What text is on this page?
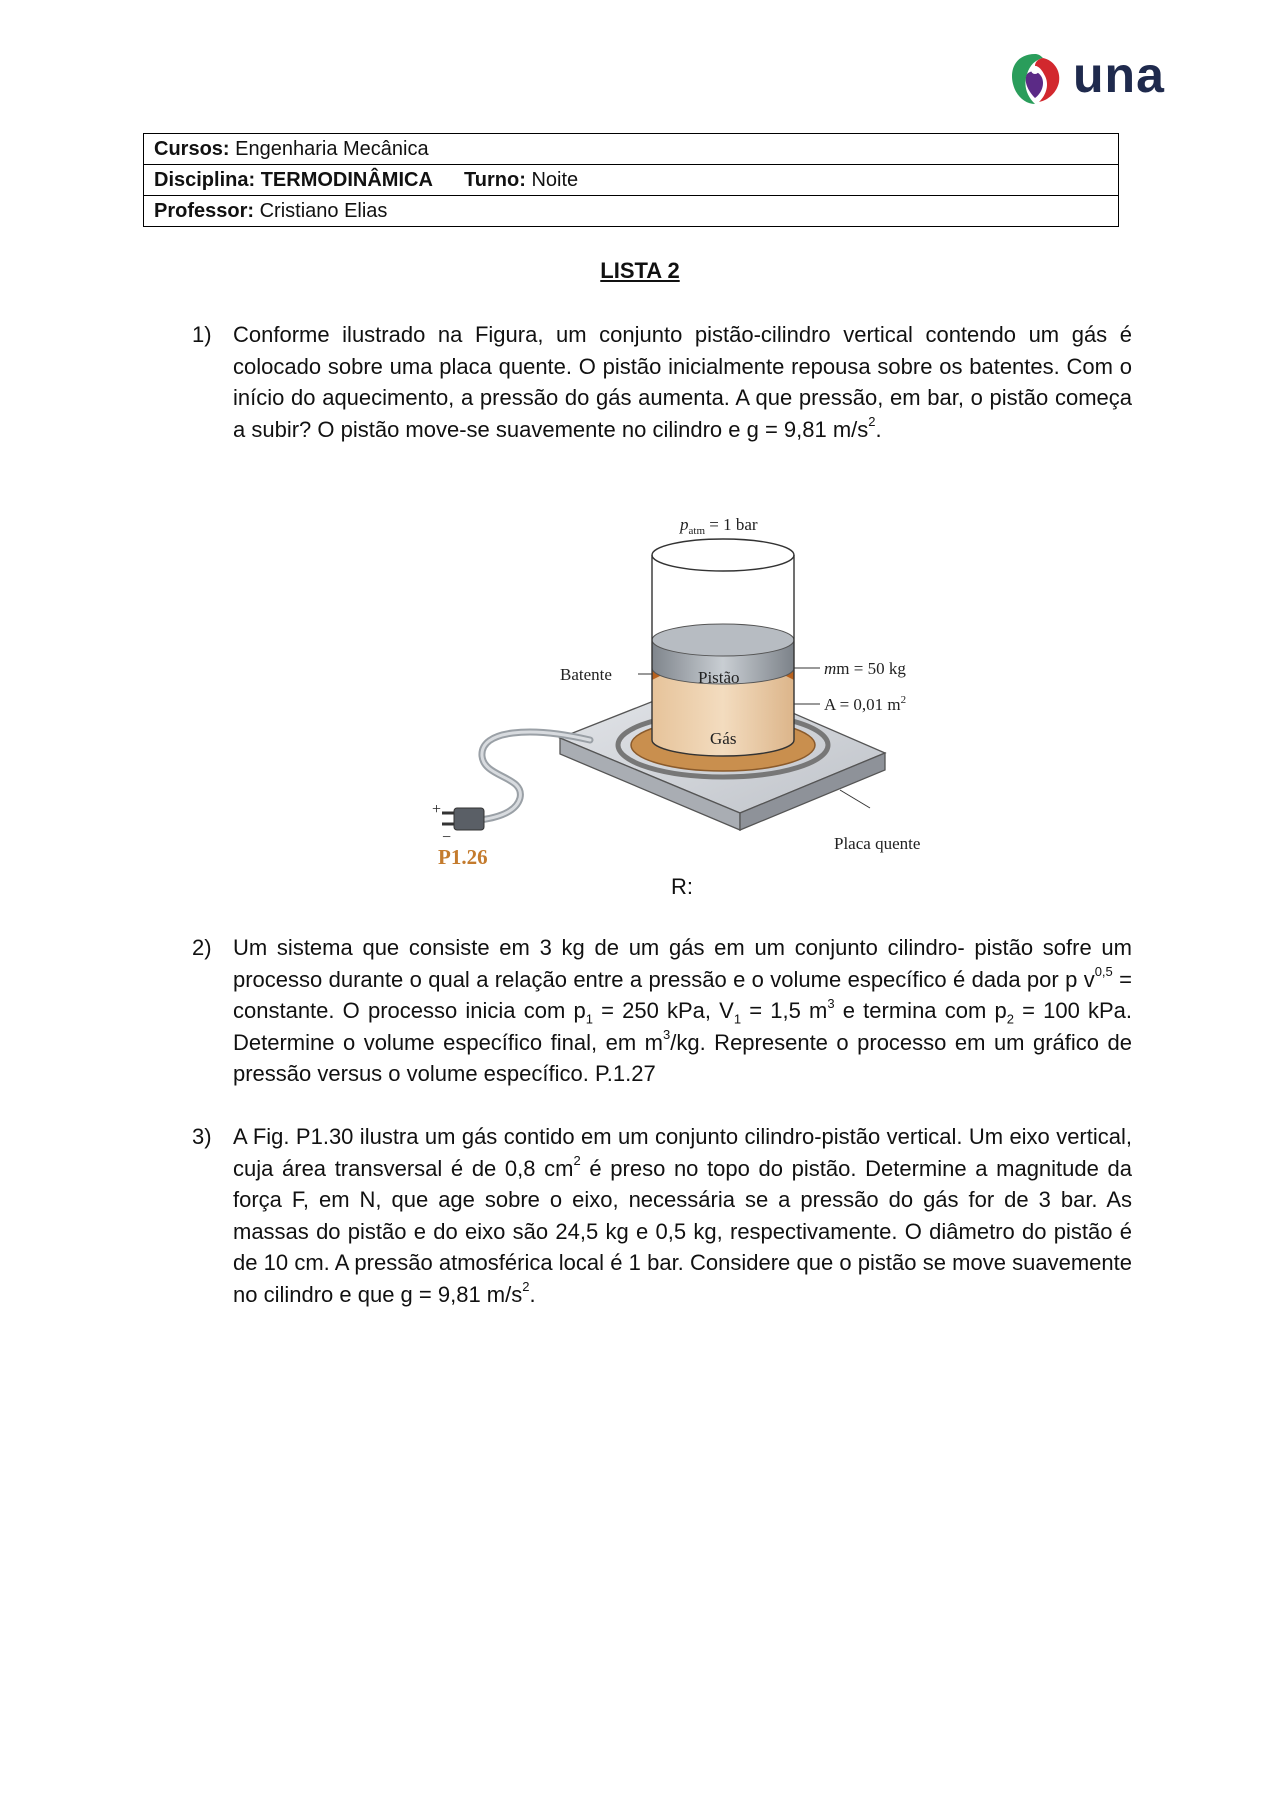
una
Cursos: Engenharia Mecânica
Disciplina: TERMODINÂMICA Turno: Noite
Professor: Cristiano Elias
LISTA 2
1) Conforme ilustrado na Figura, um conjunto pistão-cilindro vertical contendo um gás é colocado sobre uma placa quente. O pistão inicialmente repousa sobre os batentes. Com o início do aquecimento, a pressão do gás aumenta. A que pressão, em bar, o pistão começa a subir? O pistão move-se suavemente no cilindro e g = 9,81 $m/s^2$.
+
−
P1.26
Gás
Pistão
$p_{atm} = 1$ bar
Batente	mm = 50 kg
A = 0,01 $m^2$
Placa quente
R:
2) Um sistema que consiste em 3 kg de um gás em um conjunto cilindro- pistão sofre um processo durante o qual a relação entre a pressão e o volume específico é dada por p $v^{0,5}$ = constante. O processo inicia com $p_1 = 250$ kPa, $V_1 = 1,5$ $m^3$ e termina com $p_2 = 100$ kPa. Determine o volume específico final, em $m^3/kg$. Represente o processo em um gráfico de pressão versus o volume específico. P.1.27
3) A Fig. P1.30 ilustra um gás contido em um conjunto cilindro-pistão vertical. Um eixo vertical, cuja área transversal é de 0,8 $cm^2$ é preso no topo do pistão. Determine a magnitude da força F, em N, que age sobre o eixo, necessária se a pressão do gás for de 3 bar. As massas do pistão e do eixo são 24,5 kg e 0,5 kg, respectivamente. O diâmetro do pistão é de 10 cm. A pressão atmosférica local é 1 bar. Considere que o pistão se move suavemente no cilindro e que g = 9,81 $m/s^2$.
